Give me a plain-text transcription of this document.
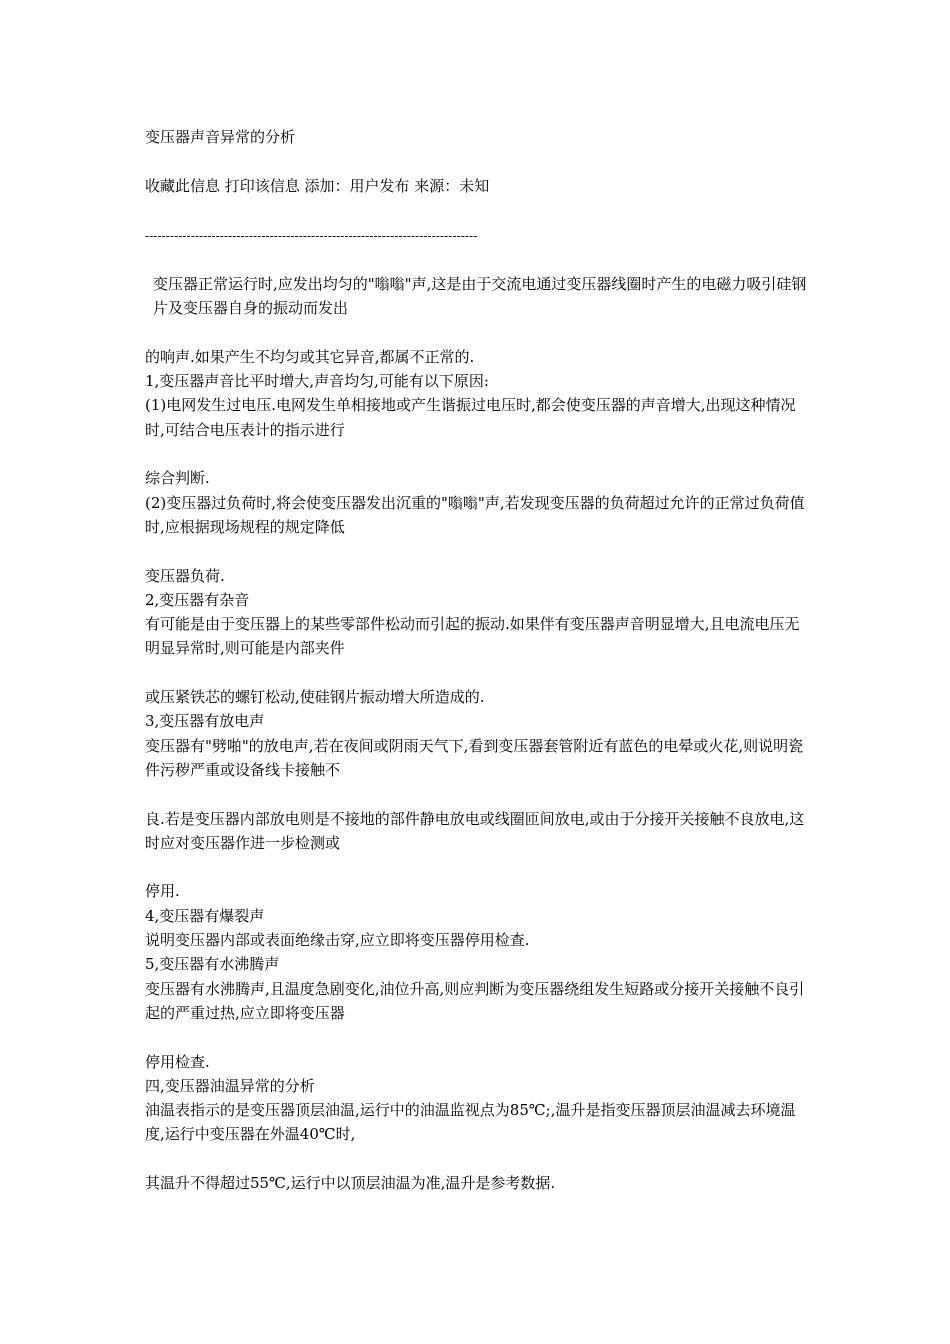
变压器声音异常的分析
收藏此信息 打印该信息 添加：用户发布 来源：未知
--------------------------------------------------------------------------------

变压器正常运行时,应发出均匀的"嗡嗡"声,这是由于交流电通过变压器线圈时产生的电磁力吸引硅钢片及变压器自身的振动而发出

的响声.如果产生不均匀或其它异音,都属不正常的.

1,变压器声音比平时增大,声音均匀,可能有以下原因:

(1)电网发生过电压.电网发生单相接地或产生谐振过电压时,都会使变压器的声音增大,出现这种情况时,可结合电压表计的指示进行

综合判断.

(2)变压器过负荷时,将会使变压器发出沉重的"嗡嗡"声,若发现变压器的负荷超过允许的正常过负荷值时,应根据现场规程的规定降低

变压器负荷.

2,变压器有杂音

有可能是由于变压器上的某些零部件松动而引起的振动.如果伴有变压器声音明显增大,且电流电压无明显异常时,则可能是内部夹件

或压紧铁芯的螺钉松动,使硅钢片振动增大所造成的.

3,变压器有放电声

变压器有"劈啪"的放电声,若在夜间或阴雨天气下,看到变压器套管附近有蓝色的电晕或火花,则说明瓷件污秽严重或设备线卡接触不

良.若是变压器内部放电则是不接地的部件静电放电或线圈匝间放电,或由于分接开关接触不良放电,这时应对变压器作进一步检测或

停用.

4,变压器有爆裂声

说明变压器内部或表面绝缘击穿,应立即将变压器停用检查.

5,变压器有水沸腾声

变压器有水沸腾声,且温度急剧变化,油位升高,则应判断为变压器绕组发生短路或分接开关接触不良引起的严重过热,应立即将变压器

停用检查.

四,变压器油温异常的分析

油温表指示的是变压器顶层油温,运行中的油温监视点为85℃;,温升是指变压器顶层油温减去环境温度,运行中变压器在外温40℃时,

其温升不得超过55℃,运行中以顶层油温为准,温升是参考数据.
